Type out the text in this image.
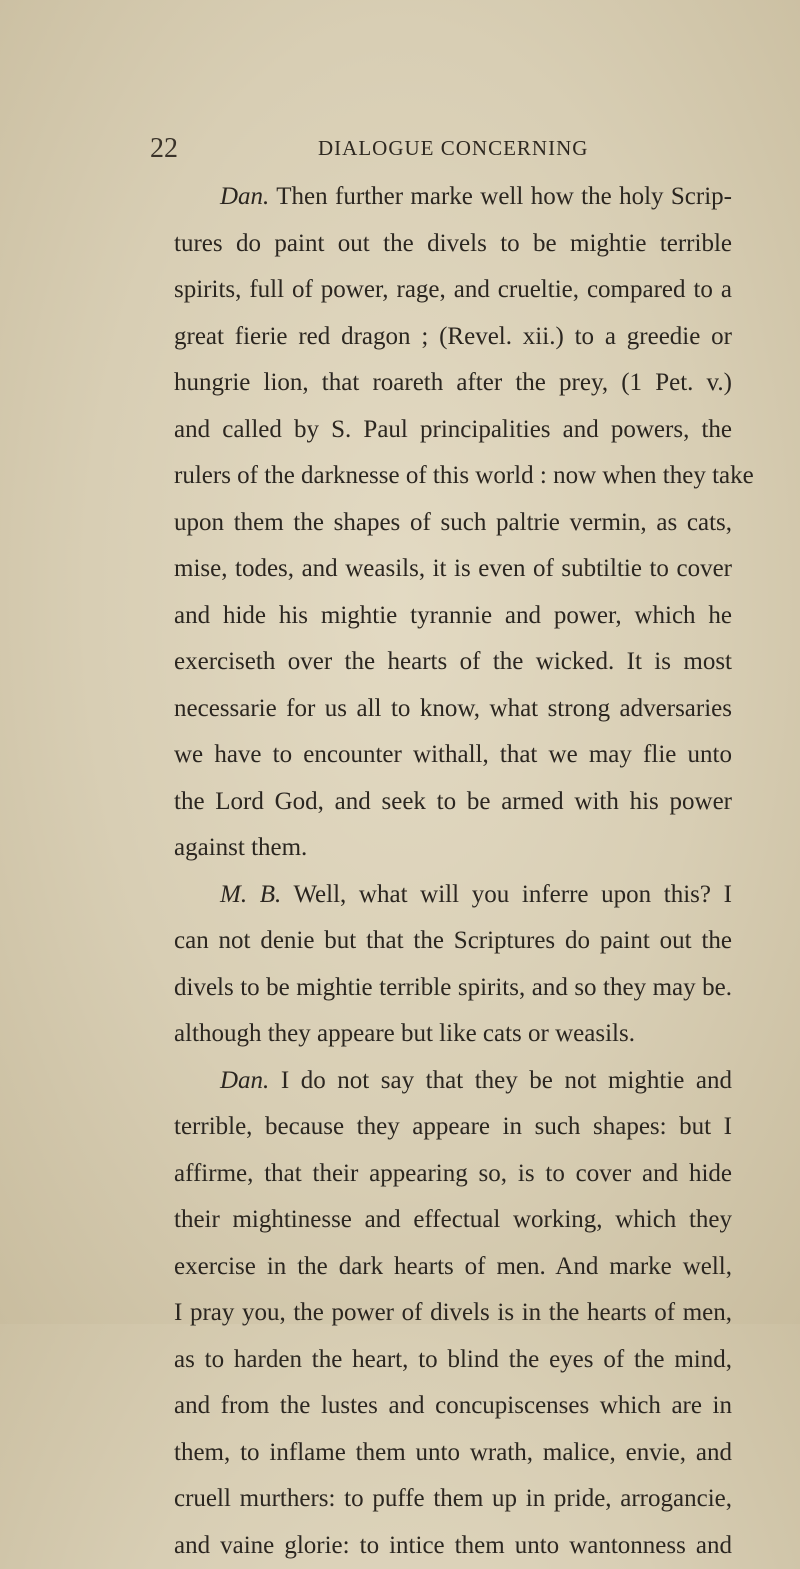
22	DIALOGUE CONCERNING
Dan. Then further marke well how the holy Scrip-
tures do paint out the divels to be mightie terrible
spirits, full of power, rage, and crueltie, compared to a
great fierie red dragon ; (Revel. xii.) to a greedie or
hungrie lion, that roareth after the prey, (1 Pet. v.)
and called by S. Paul principalities and powers, the
rulers of the darknesse of this world : now when they take
upon them the shapes of such paltrie vermin, as cats,
mise, todes, and weasils, it is even of subtiltie to cover
and hide his mightie tyrannie and power, which he
exerciseth over the hearts of the wicked. It is most
necessarie for us all to know, what strong adversaries
we have to encounter withall, that we may flie unto
the Lord God, and seek to be armed with his power
against them.
M. B. Well, what will you inferre upon this? I
can not denie but that the Scriptures do paint out the
divels to be mightie terrible spirits, and so they may be.
although they appeare but like cats or weasils.
Dan. I do not say that they be not mightie and
terrible, because they appeare in such shapes: but I
affirme, that their appearing so, is to cover and hide
their mightinesse and effectual working, which they
exercise in the dark hearts of men. And marke well,
I pray you, the power of divels is in the hearts of men,
as to harden the heart, to blind the eyes of the mind,
and from the lustes and concupiscenses which are in
them, to inflame them unto wrath, malice, envie, and
cruell murthers: to puffe them up in pride, arrogancie,
and vaine glorie: to intice them unto wantonness and
